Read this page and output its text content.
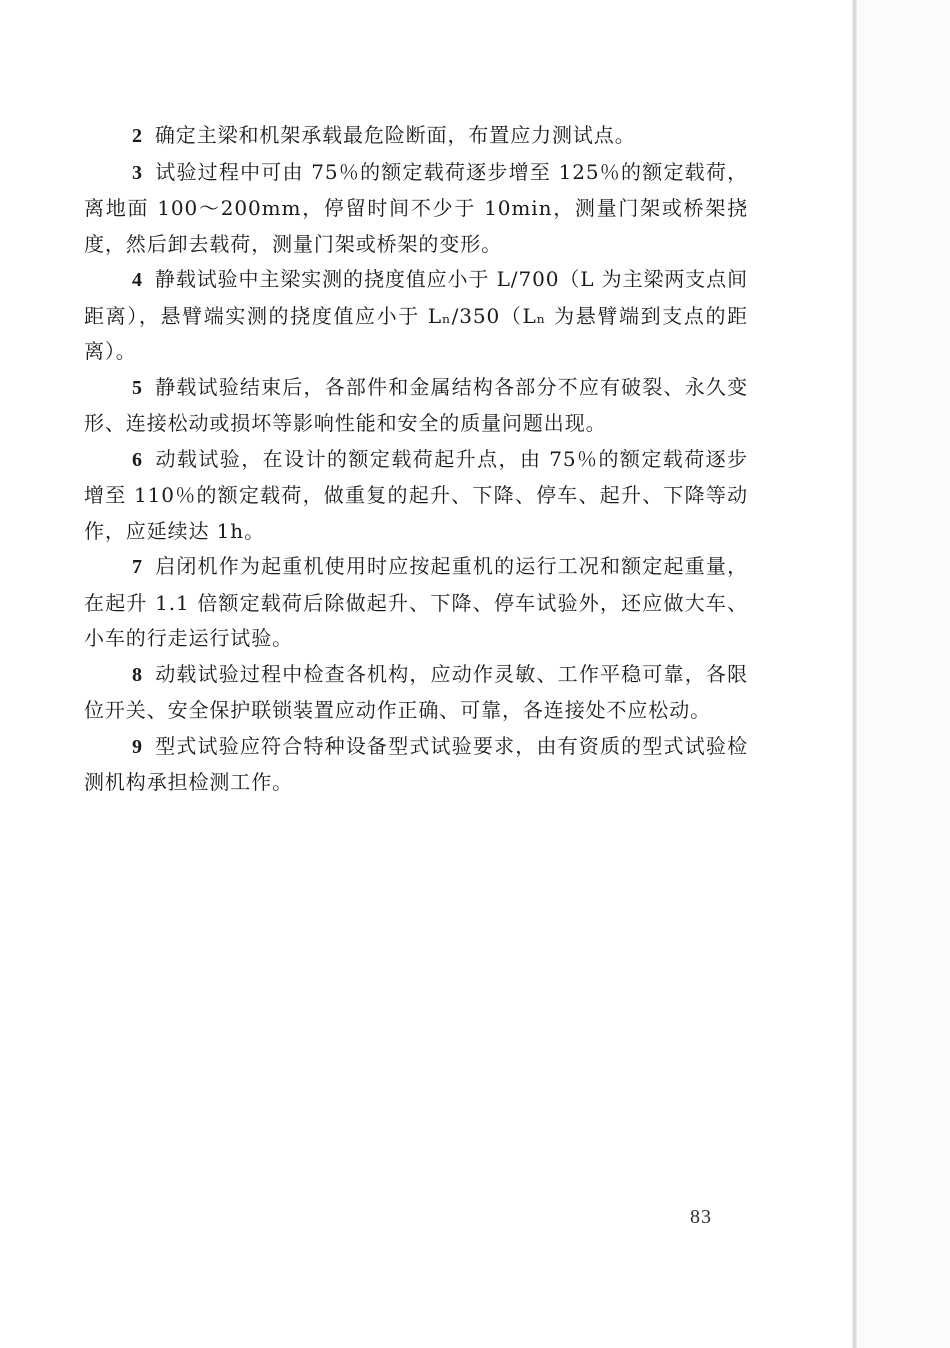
2 确定主梁和机架承载最危险断面，布置应力测试点。

3 试验过程中可由 75％的额定载荷逐步增至 125％的额定载荷，离地面 100～200mm，停留时间不少于 10min，测量门架或桥架挠度，然后卸去载荷，测量门架或桥架的变形。

4 静载试验中主梁实测的挠度值应小于 L/700（L 为主梁两支点间距离），悬臂端实测的挠度值应小于 Lₙ/350（Lₙ 为悬臂端到支点的距离）。

5 静载试验结束后，各部件和金属结构各部分不应有破裂、永久变形、连接松动或损坏等影响性能和安全的质量问题出现。

6 动载试验，在设计的额定载荷起升点，由 75％的额定载荷逐步增至 110％的额定载荷，做重复的起升、下降、停车、起升、下降等动作，应延续达 1h。

7 启闭机作为起重机使用时应按起重机的运行工况和额定起重量，在起升 1.1 倍额定载荷后除做起升、下降、停车试验外，还应做大车、小车的行走运行试验。

8 动载试验过程中检查各机构，应动作灵敏、工作平稳可靠，各限位开关、安全保护联锁装置应动作正确、可靠，各连接处不应松动。

9 型式试验应符合特种设备型式试验要求，由有资质的型式试验检测机构承担检测工作。

83
